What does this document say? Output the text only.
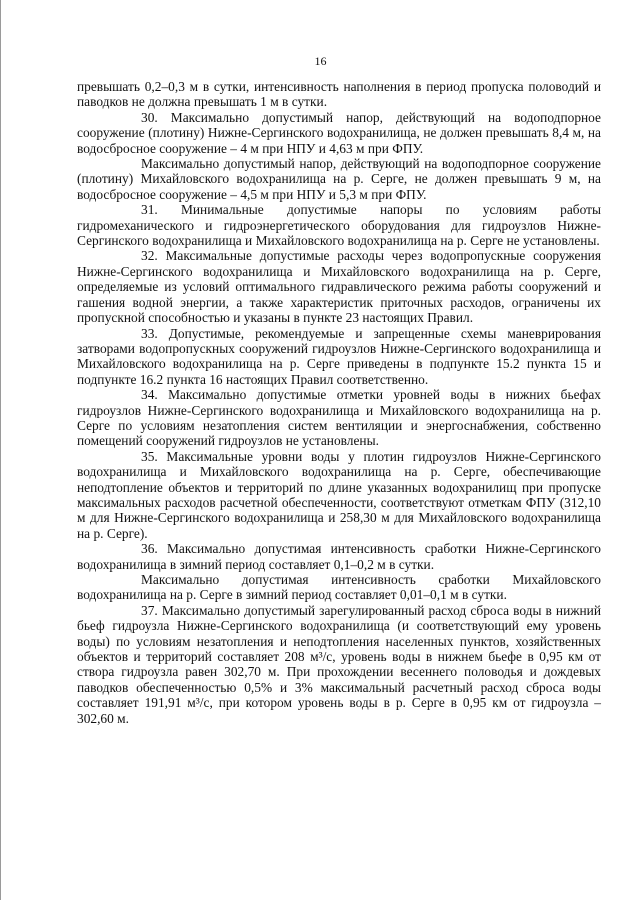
16

превышать 0,2–0,3 м в сутки, интенсивность наполнения в период пропуска половодий и паводков не должна превышать 1 м в сутки.

30. Максимально допустимый напор, действующий на водоподпорное сооружение (плотину) Нижне-Сергинского водохранилища, не должен превышать 8,4 м, на водосбросное сооружение – 4 м при НПУ и 4,63 м при ФПУ.

Максимально допустимый напор, действующий на водоподпорное сооружение (плотину) Михайловского водохранилища на р. Серге, не должен превышать 9 м, на водосбросное сооружение – 4,5 м при НПУ и 5,3 м при ФПУ.

31. Минимальные допустимые напоры по условиям работы гидромеханического и гидроэнергетического оборудования для гидроузлов Нижне-Сергинского водохранилища и Михайловского водохранилища на р. Серге не установлены.

32. Максимальные допустимые расходы через водопропускные сооружения Нижне-Сергинского водохранилища и Михайловского водохранилища на р. Серге, определяемые из условий оптимального гидравлического режима работы сооружений и гашения водной энергии, а также характеристик приточных расходов, ограничены их пропускной способностью и указаны в пункте 23 настоящих Правил.

33. Допустимые, рекомендуемые и запрещенные схемы маневрирования затворами водопропускных сооружений гидроузлов Нижне-Сергинского водохранилища и Михайловского водохранилища на р. Серге приведены в подпункте 15.2 пункта 15 и подпункте 16.2 пункта 16 настоящих Правил соответственно.

34. Максимально допустимые отметки уровней воды в нижних бьефах гидроузлов Нижне-Сергинского водохранилища и Михайловского водохранилища на р. Серге по условиям незатопления систем вентиляции и энергоснабжения, собственно помещений сооружений гидроузлов не установлены.

35. Максимальные уровни воды у плотин гидроузлов Нижне-Сергинского водохранилища и Михайловского водохранилища на р. Серге, обеспечивающие неподтопление объектов и территорий по длине указанных водохранилищ при пропуске максимальных расходов расчетной обеспеченности, соответствуют отметкам ФПУ (312,10 м для Нижне-Сергинского водохранилища и 258,30 м для Михайловского водохранилища на р. Серге).

36. Максимально допустимая интенсивность сработки Нижне-Сергинского водохранилища в зимний период составляет 0,1–0,2 м в сутки.

Максимально допустимая интенсивность сработки Михайловского водохранилища на р. Серге в зимний период составляет 0,01–0,1 м в сутки.

37. Максимально допустимый зарегулированный расход сброса воды в нижний бьеф гидроузла Нижне-Сергинского водохранилища (и соответствующий ему уровень воды) по условиям незатопления и неподтопления населенных пунктов, хозяйственных объектов и территорий составляет 208 м³/с, уровень воды в нижнем бьефе в 0,95 км от створа гидроузла равен 302,70 м. При прохождении весеннего половодья и дождевых паводков обеспеченностью 0,5% и 3% максимальный расчетный расход сброса воды составляет 191,91 м³/с, при котором уровень воды в р. Серге в 0,95 км от гидроузла – 302,60 м.
